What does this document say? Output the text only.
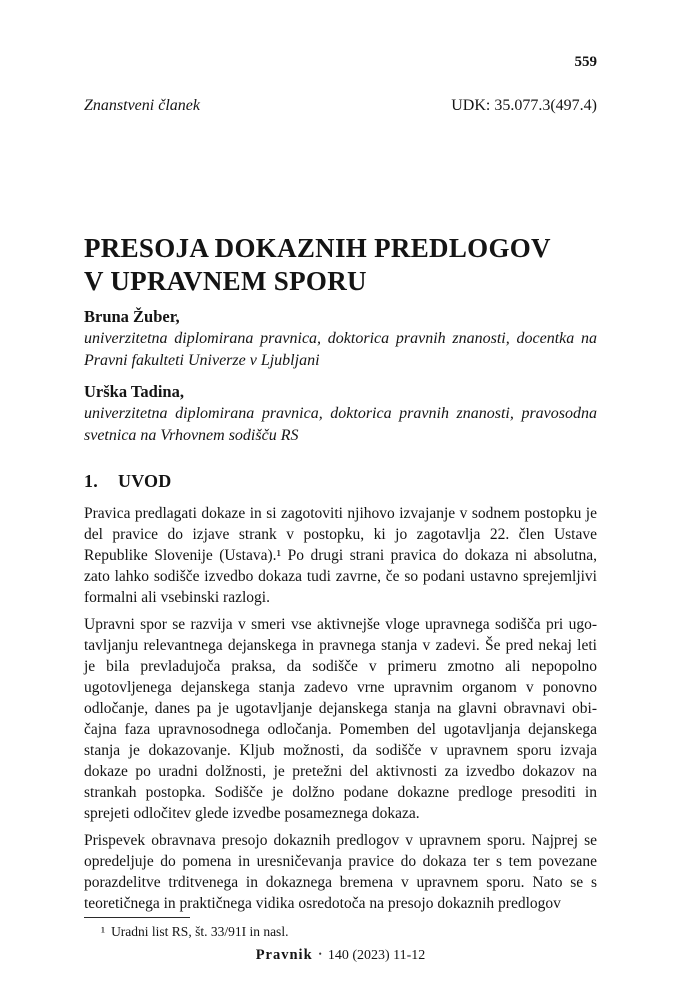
559
Znanstveni članek	UDK: 35.077.3(497.4)
PRESOJA DOKAZNIH PREDLOGOV
V UPRAVNEM SPORU
Bruna Žuber,
univerzitetna diplomirana pravnica, doktorica pravnih znanosti, docentka na Pravni fakulteti Univerze v Ljubljani
Urška Tadina,
univerzitetna diplomirana pravnica, doktorica pravnih znanosti, pravosodna svetnica na Vrhovnem sodišču RS
1. UVOD

Pravica predlagati dokaze in si zagotoviti njihovo izvajanje v sodnem postopku je del pravice do izjave strank v postopku, ki jo zagotavlja 22. člen Ustave Republike Slovenije (Ustava).¹ Po drugi strani pravica do dokaza ni absolutna, zato lahko sodišče izvedbo dokaza tudi zavrne, če so podani ustavno sprejemljivi formalni ali vsebinski razlogi.

Upravni spor se razvija v smeri vse aktivnejše vloge upravnega sodišča pri ugotavljanju relevantnega dejanskega in pravnega stanja v zadevi. Še pred nekaj leti je bila prevladujoča praksa, da sodišče v primeru zmotno ali nepopolno ugotovljenega dejanskega stanja zadevo vrne upravnim organom v ponovno odločanje, danes pa je ugotavljanje dejanskega stanja na glavni obravnavi običajna faza upravnosodnega odločanja. Pomemben del ugotavljanja dejanskega stanja je dokazovanje. Kljub možnosti, da sodišče v upravnem sporu izvaja dokaze po uradni dolžnosti, je pretežni del aktivnosti za izvedbo dokazov na strankah postopka. Sodišče je dolžno podane dokazne predloge presoditi in sprejeti odločitev glede izvedbe posameznega dokaza.

Prispevek obravnava presojo dokaznih predlogov v upravnem sporu. Najprej se opredeljuje do pomena in uresničevanja pravice do dokaza ter s tem povezane porazdelitve trditvenega in dokaznega bremena v upravnem sporu. Nato se s teoretičnega in praktičnega vidika osredotoča na presojo dokaznih predlogov

¹ Uradni list RS, št. 33/91I in nasl.
Pravnik • 140 (2023) 11-12
